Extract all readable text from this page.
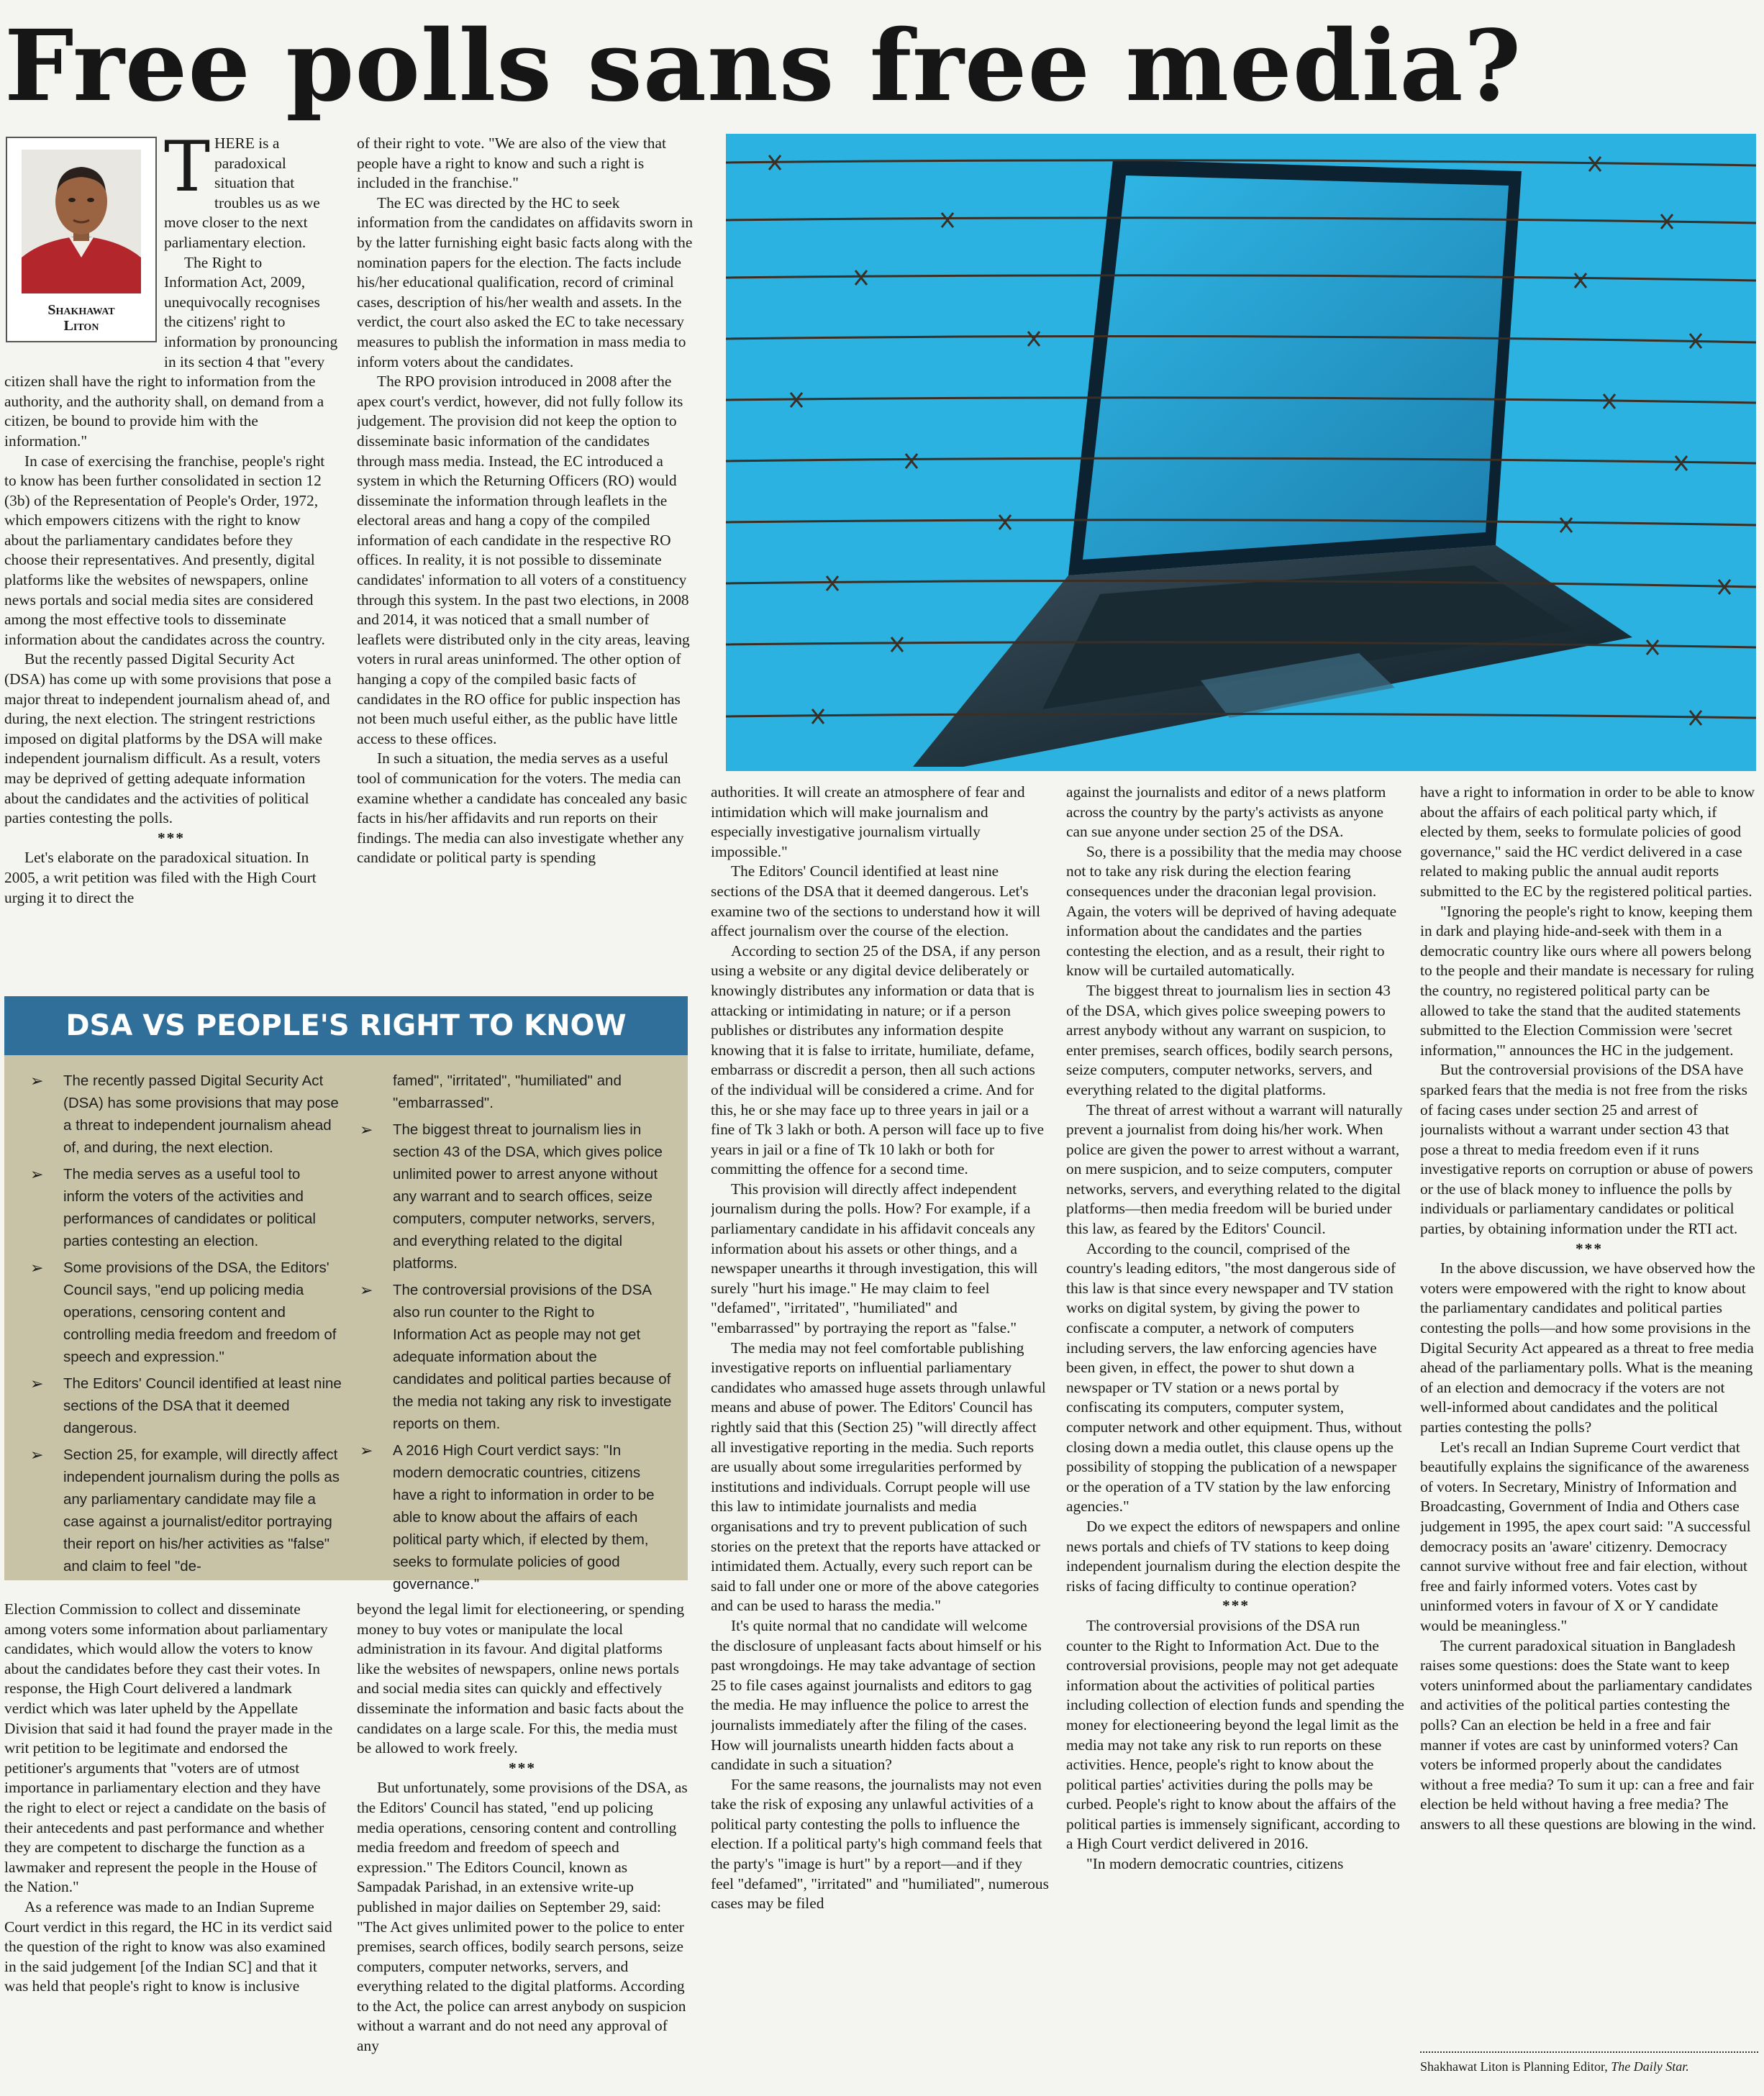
Free polls sans free media?
Shakhawat
Liton

THERE is a paradoxical situation that troubles us as we move closer to the next parliamentary election.

The Right to Information Act, 2009, unequivocally recognises the citizens' right to information by pronouncing in its section 4 that "every citizen shall have the right to information from the authority, and the authority shall, on demand from a citizen, be bound to provide him with the information."

In case of exercising the franchise, people's right to know has been further consolidated in section 12 (3b) of the Representation of People's Order, 1972, which empowers citizens with the right to know about the parliamentary candidates before they choose their representatives. And presently, digital platforms like the websites of newspapers, online news portals and social media sites are considered among the most effective tools to disseminate information about the candidates across the country.

But the recently passed Digital Security Act (DSA) has come up with some provisions that pose a major threat to independent journalism ahead of, and during, the next election. The stringent restrictions imposed on digital platforms by the DSA will make independent journalism difficult. As a result, voters may be deprived of getting adequate information about the candidates and the activities of political parties contesting the polls.

***

Let's elaborate on the paradoxical situation. In 2005, a writ petition was filed with the High Court urging it to direct the

of their right to vote. "We are also of the view that people have a right to know and such a right is included in the franchise."

The EC was directed by the HC to seek information from the candidates on affidavits sworn in by the latter furnishing eight basic facts along with the nomination papers for the election. The facts include his/her educational qualification, record of criminal cases, description of his/her wealth and assets. In the verdict, the court also asked the EC to take necessary measures to publish the information in mass media to inform voters about the candidates.

The RPO provision introduced in 2008 after the apex court's verdict, however, did not fully follow its judgement. The provision did not keep the option to disseminate basic information of the candidates through mass media. Instead, the EC introduced a system in which the Returning Officers (RO) would disseminate the information through leaflets in the electoral areas and hang a copy of the compiled information of each candidate in the respective RO offices. In reality, it is not possible to disseminate candidates' information to all voters of a constituency through this system. In the past two elections, in 2008 and 2014, it was noticed that a small number of leaflets were distributed only in the city areas, leaving voters in rural areas uninformed. The other option of hanging a copy of the compiled basic facts of candidates in the RO office for public inspection has not been much useful either, as the public have little access to these offices.

In such a situation, the media serves as a useful tool of communication for the voters. The media can examine whether a candidate has concealed any basic facts in his/her affidavits and run reports on their findings. The media can also investigate whether any candidate or political party is spending

DSA VS PEOPLE'S RIGHT TO KNOW
➢ The recently passed Digital Security Act (DSA) has some provisions that may pose a threat to independent journalism ahead of, and during, the next election.
➢ The media serves as a useful tool to inform the voters of the activities and performances of candidates or political parties contesting an election.
➢ Some provisions of the DSA, the Editors' Council says, "end up policing media operations, censoring content and controlling media freedom and freedom of speech and expression."
➢ The Editors' Council identified at least nine sections of the DSA that it deemed dangerous.
➢ Section 25, for example, will directly affect independent journalism during the polls as any parliamentary candidate may file a case against a journalist/editor portraying their report on his/her activities as "false" and claim to feel "de-
famed", "irritated", "humiliated" and "embarrassed".
➢ The biggest threat to journalism lies in section 43 of the DSA, which gives police unlimited power to arrest anyone without any warrant and to search offices, seize computers, computer networks, servers, and everything related to the digital platforms.
➢ The controversial provisions of the DSA also run counter to the Right to Information Act as people may not get adequate information about the candidates and political parties because of the media not taking any risk to investigate reports on them.
➢ A 2016 High Court verdict says: "In modern democratic countries, citizens have a right to information in order to be able to know about the affairs of each political party which, if elected by them, seeks to formulate policies of good governance."

authorities. It will create an atmosphere of fear and intimidation which will make journalism and especially investigative journalism virtually impossible."

The Editors' Council identified at least nine sections of the DSA that it deemed dangerous. Let's examine two of the sections to understand how it will affect journalism over the course of the election.

According to section 25 of the DSA, if any person using a website or any digital device deliberately or knowingly distributes any information or data that is attacking or intimidating in nature; or if a person publishes or distributes any information despite knowing that it is false to irritate, humiliate, defame, embarrass or discredit a person, then all such actions of the individual will be considered a crime. And for this, he or she may face up to three years in jail or a fine of Tk 3 lakh or both. A person will face up to five years in jail or a fine of Tk 10 lakh or both for committing the offence for a second time.

This provision will directly affect independent journalism during the polls. How? For example, if a parliamentary candidate in his affidavit conceals any information about his assets or other things, and a newspaper unearths it through investigation, this will surely "hurt his image." He may claim to feel "defamed", "irritated", "humiliated" and "embarrassed" by portraying the report as "false."

The media may not feel comfortable publishing investigative reports on influential parliamentary candidates who amassed huge assets through unlawful means and abuse of power. The Editors' Council has rightly said that this (Section 25) "will directly affect all investigative reporting in the media. Such reports are usually about some irregularities performed by institutions and individuals. Corrupt people will use this law to intimidate journalists and media organisations and try to prevent publication of such stories on the pretext that the reports have attacked or intimidated them. Actually, every such report can be said to fall under one or more of the above categories and can be used to harass the media."

It's quite normal that no candidate will welcome the disclosure of unpleasant facts about himself or his past wrongdoings. He may take advantage of section 25 to file cases against journalists and editors to gag the media. He may influence the police to arrest the journalists immediately after the filing of the cases. How will journalists unearth hidden facts about a candidate in such a situation?

For the same reasons, the journalists may not even take the risk of exposing any unlawful activities of a political party contesting the polls to influence the election. If a political party's high command feels that the party's "image is hurt" by a report—and if they feel "defamed", "irritated" and "humiliated", numerous cases may be filed

against the journalists and editor of a news platform across the country by the party's activists as anyone can sue anyone under section 25 of the DSA.

So, there is a possibility that the media may choose not to take any risk during the election fearing consequences under the draconian legal provision. Again, the voters will be deprived of having adequate information about the candidates and the parties contesting the election, and as a result, their right to know will be curtailed automatically.

The biggest threat to journalism lies in section 43 of the DSA, which gives police sweeping powers to arrest anybody without any warrant on suspicion, to enter premises, search offices, bodily search persons, seize computers, computer networks, servers, and everything related to the digital platforms.

The threat of arrest without a warrant will naturally prevent a journalist from doing his/her work. When police are given the power to arrest without a warrant, on mere suspicion, and to seize computers, computer networks, servers, and everything related to the digital platforms—then media freedom will be buried under this law, as feared by the Editors' Council.

According to the council, comprised of the country's leading editors, "the most dangerous side of this law is that since every newspaper and TV station works on digital system, by giving the power to confiscate a computer, a network of computers including servers, the law enforcing agencies have been given, in effect, the power to shut down a newspaper or TV station or a news portal by confiscating its computers, computer system, computer network and other equipment. Thus, without closing down a media outlet, this clause opens up the possibility of stopping the publication of a newspaper or the operation of a TV station by the law enforcing agencies."

Do we expect the editors of newspapers and online news portals and chiefs of TV stations to keep doing independent journalism during the election despite the risks of facing difficulty to continue operation?

***

The controversial provisions of the DSA run counter to the Right to Information Act. Due to the controversial provisions, people may not get adequate information about the activities of political parties including collection of election funds and spending the money for electioneering beyond the legal limit as the media may not take any risk to run reports on these activities. Hence, people's right to know about the political parties' activities during the polls may be curbed. People's right to know about the affairs of the political parties is immensely significant, according to a High Court verdict delivered in 2016.

"In modern democratic countries, citizens

have a right to information in order to be able to know about the affairs of each political party which, if elected by them, seeks to formulate policies of good governance," said the HC verdict delivered in a case related to making public the annual audit reports submitted to the EC by the registered political parties.

"Ignoring the people's right to know, keeping them in dark and playing hide-and-seek with them in a democratic country like ours where all powers belong to the people and their mandate is necessary for ruling the country, no registered political party can be allowed to take the stand that the audited statements submitted to the Election Commission were 'secret information,'" announces the HC in the judgement.

But the controversial provisions of the DSA have sparked fears that the media is not free from the risks of facing cases under section 25 and arrest of journalists without a warrant under section 43 that pose a threat to media freedom even if it runs investigative reports on corruption or abuse of powers or the use of black money to influence the polls by individuals or parliamentary candidates or political parties, by obtaining information under the RTI act.

***

In the above discussion, we have observed how the voters were empowered with the right to know about the parliamentary candidates and political parties contesting the polls—and how some provisions in the Digital Security Act appeared as a threat to free media ahead of the parliamentary polls. What is the meaning of an election and democracy if the voters are not well-informed about candidates and the political parties contesting the polls?

Let's recall an Indian Supreme Court verdict that beautifully explains the significance of the awareness of voters. In Secretary, Ministry of Information and Broadcasting, Government of India and Others case judgement in 1995, the apex court said: "A successful democracy posits an 'aware' citizenry. Democracy cannot survive without free and fair election, without free and fairly informed voters. Votes cast by uninformed voters in favour of X or Y candidate would be meaningless."

The current paradoxical situation in Bangladesh raises some questions: does the State want to keep voters uninformed about the parliamentary candidates and activities of the political parties contesting the polls? Can an election be held in a free and fair manner if votes are cast by uninformed voters? Can voters be informed properly about the candidates without a free media? To sum it up: can a free and fair election be held without having a free media? The answers to all these questions are blowing in the wind.

Election Commission to collect and disseminate among voters some information about parliamentary candidates, which would allow the voters to know about the candidates before they cast their votes. In response, the High Court delivered a landmark verdict which was later upheld by the Appellate Division that said it had found the prayer made in the writ petition to be legitimate and endorsed the petitioner's arguments that "voters are of utmost importance in parliamentary election and they have the right to elect or reject a candidate on the basis of their antecedents and past performance and whether they are competent to discharge the function as a lawmaker and represent the people in the House of the Nation."

As a reference was made to an Indian Supreme Court verdict in this regard, the HC in its verdict said the question of the right to know was also examined in the said judgement [of the Indian SC] and that it was held that people's right to know is inclusive

beyond the legal limit for electioneering, or spending money to buy votes or manipulate the local administration in its favour. And digital platforms like the websites of newspapers, online news portals and social media sites can quickly and effectively disseminate the information and basic facts about the candidates on a large scale. For this, the media must be allowed to work freely.

***

But unfortunately, some provisions of the DSA, as the Editors' Council has stated, "end up policing media operations, censoring content and controlling media freedom and freedom of speech and expression." The Editors Council, known as Sampadak Parishad, in an extensive write-up published in major dailies on September 29, said: "The Act gives unlimited power to the police to enter premises, search offices, bodily search persons, seize computers, computer networks, servers, and everything related to the digital platforms. According to the Act, the police can arrest anybody on suspicion without a warrant and do not need any approval of any

Shakhawat Liton is Planning Editor, The Daily Star.
